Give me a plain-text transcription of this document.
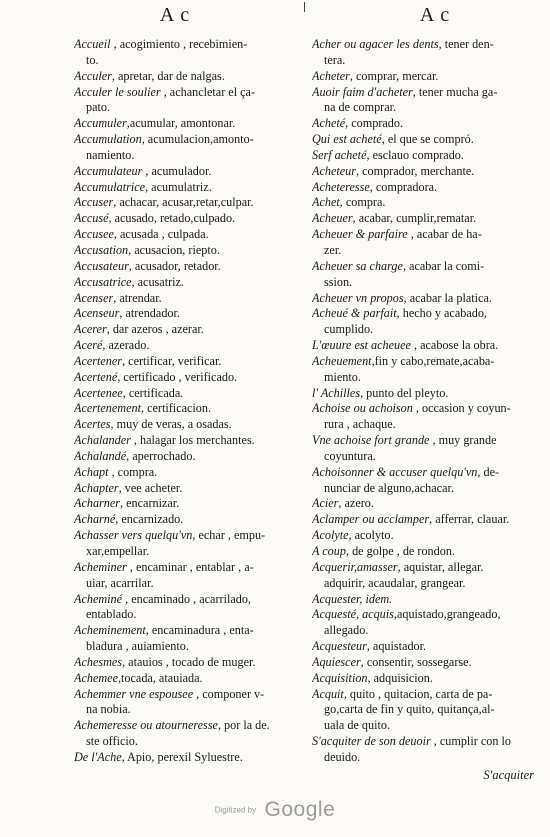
A c	A c
Accueil , acogimiento , recebimien-
to.
Acculer, apretar, dar de nalgas.
Acculer le soulier , achancletar el ça-
pato.
Accumuler,acumular, amontonar.
Accumulation, acumulacion,amonto-
namiento.
Accumulateur , acumulador.
Accumulatrice, acumulatriz.
Accuser, achacar, acusar,retar,culpar.
Accusé, acusado, retado,culpado.
Accusee, acusada , culpada.
Accusation, acusacion, riepto.
Accusateur, acusador, retador.
Accusatrice, acusatriz.
Acenser, atrendar.
Acenseur, atrendador.
Acerer, dar azeros , azerar.
Aceré, azerado.
Acertener, certificar, verificar.
Acertené, certificado , verificado.
Acertenee, certificada.
Acertenement, certificacion.
Acertes, muy de veras, a osadas.
Achalander , halagar los merchantes.
Achalandé, aperrochado.
Achapt , compra.
Achapter, vee acheter.
Acharner, encarnizar.
Acharné, encarnizado.
Achasser vers quelqu'vn, echar , empu-
xar,empellar.
Acheminer , encaminar , entablar , a-
uiar, acarrilar.
Acheminé , encaminado , acarrilado,
entablado.
Acheminement, encaminadura , enta-
bladura , auiamiento.
Achesmes, atauios , tocado de muger.
Achemee,tocada, atauiada.
Achemmer vne espousee , componer v-
na nobia.
Achemeresse ou atourneresse, por la de.
ste officio.
De l'Ache, Apio, perexil Syluestre.
Acher ou agacer les dents, tener den-
tera.
Acheter, comprar, mercar.
Auoir faim d'acheter, tener mucha ga-
na de comprar.
Acheté, comprado.
Qui est acheté, el que se compró.
Serf acheté, esclauo comprado.
Acheteur, comprador, merchante.
Acheteresse, compradora.
Achet, compra.
Acheuer, acabar, cumplir,rematar.
Acheuer & parfaire , acabar de ha-
zer.
Acheuer sa charge, acabar la comi-
ssion.
Acheuer vn propos, acabar la platica.
Acheué & parfait, hecho y acabado,
cumplido.
L'œuure est acheuee , acabose la obra.
Acheuement,fin y cabo,remate,acaba-
miento.
l' Achilles, punto del pleyto.
Achoise ou achoison , occasion y coyun-
rura , achaque.
Vne achoise fort grande , muy grande
coyuntura.
Achoisonner & accuser quelqu'vn, de-
nunciar de alguno,achacar.
Acier, azero.
Aclamper ou acclamper, afferrar, clauar.
Acolyte, acolyto.
A coup, de golpe , de rondon.
Acquerir,amasser, aquistar, allegar.
adquirir, acaudalar, grangear.
Acquester, idem.
Acquesté, acquis,aquistado,grangeado,
allegado.
Acquesteur, aquistador.
Aquiescer, consentir, sossegarse.
Acquisition, adquisicion.
Acquit, quito , quitacion, carta de pa-
go,carta de fin y quito, quitança,al-
uala de quito.
S'acquiter de son deuoir , cumplir con lo
deuido.
S'acquiter
Digitized by Google
